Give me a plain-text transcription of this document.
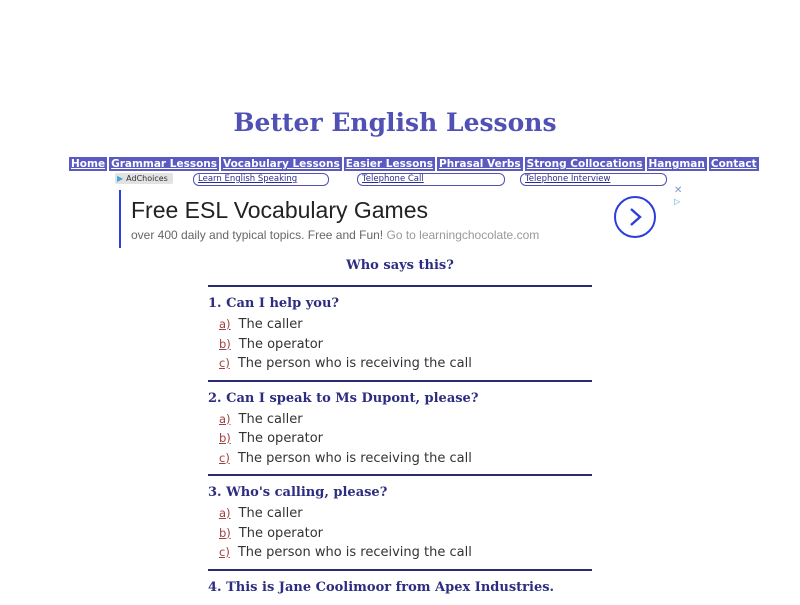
Better English Lessons
Home Grammar Lessons Vocabulary Lessons Easier Lessons Phrasal Verbs Strong Collocations Hangman Contact
▶ AdChoices	Learn English Speaking	Telephone Call	Telephone Interview
Free ESL Vocabulary Games
over 400 daily and typical topics. Free and Fun! Go to learningchocolate.com
✕
▷
Who says this?
1. Can I help you?
a) The caller
b) The operator
c) The person who is receiving the call
2. Can I speak to Ms Dupont, please?
a) The caller
b) The operator
c) The person who is receiving the call
3. Who's calling, please?
a) The caller
b) The operator
c) The person who is receiving the call
4. This is Jane Coolimoor from Apex Industries.
